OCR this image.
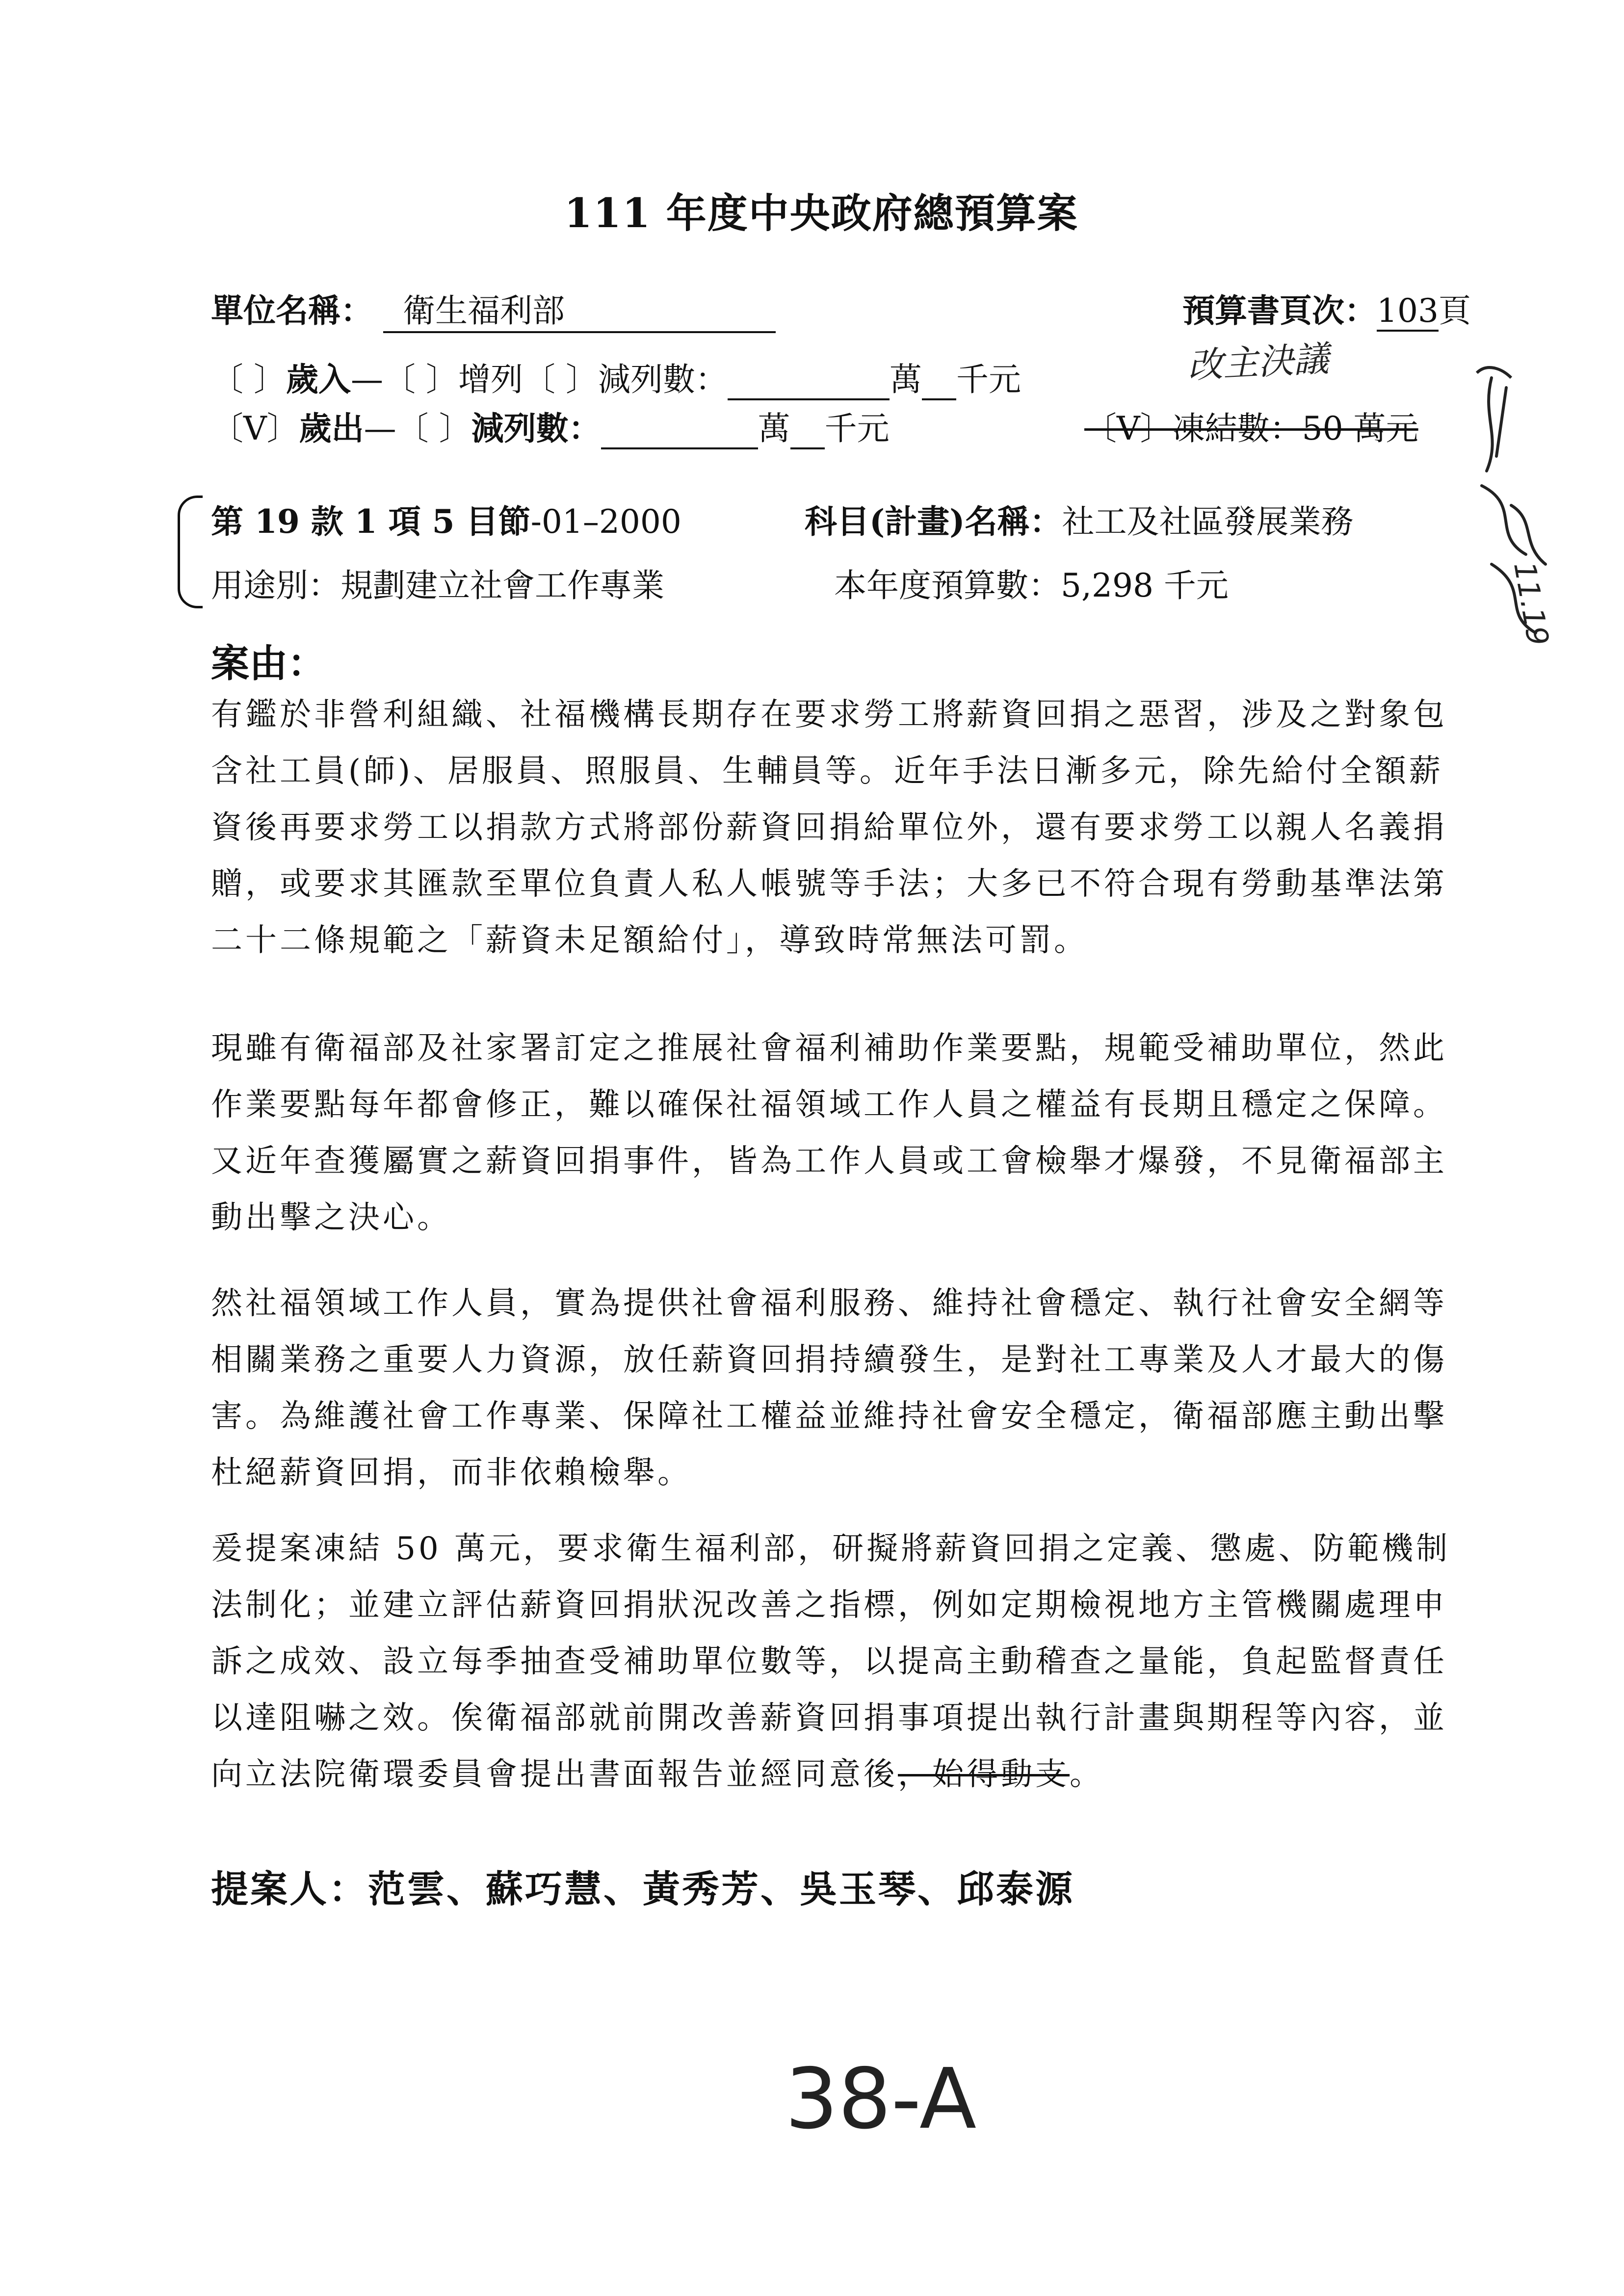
111 年度中央政府總預算案
單位名稱： 衛生福利部	預算書頁次：103頁
〔 〕歲入—〔 〕增列〔 〕減列數：	萬 千元
〔V〕歲出—〔 〕減列數：	萬 千元	〔V〕凍結數：50 萬元
改主決議
11.19
第 19 款 1 項 5 目節-01–2000	科目(計畫)名稱：社工及社區發展業務
用途別：規劃建立社會工作專業	本年度預算數：5,298 千元
案由：

有鑑於非營利組織、社福機構長期存在要求勞工將薪資回捐之惡習，涉及之對象包含社工員(師)、居服員、照服員、生輔員等。近年手法日漸多元，除先給付全額薪資後再要求勞工以捐款方式將部份薪資回捐給單位外，還有要求勞工以親人名義捐贈，或要求其匯款至單位負責人私人帳號等手法；大多已不符合現有勞動基準法第二十二條規範之「薪資未足額給付」，導致時常無法可罰。

現雖有衛福部及社家署訂定之推展社會福利補助作業要點，規範受補助單位，然此作業要點每年都會修正，難以確保社福領域工作人員之權益有長期且穩定之保障。又近年查獲屬實之薪資回捐事件，皆為工作人員或工會檢舉才爆發，不見衛福部主動出擊之決心。

然社福領域工作人員，實為提供社會福利服務、維持社會穩定、執行社會安全網等相關業務之重要人力資源，放任薪資回捐持續發生，是對社工專業及人才最大的傷害。為維護社會工作專業、保障社工權益並維持社會安全穩定，衛福部應主動出擊杜絕薪資回捐，而非依賴檢舉。

爰提案凍結 50 萬元，要求衛生福利部，研擬將薪資回捐之定義、懲處、防範機制法制化；並建立評估薪資回捐狀況改善之指標，例如定期檢視地方主管機關處理申訴之成效、設立每季抽查受補助單位數等，以提高主動稽查之量能，負起監督責任以達阻嚇之效。俟衛福部就前開改善薪資回捐事項提出執行計畫與期程等內容，並向立法院衛環委員會提出書面報告並經同意後，始得動支。

提案人：范雲、蘇巧慧、黃秀芳、吳玉琴、邱泰源
38-A
